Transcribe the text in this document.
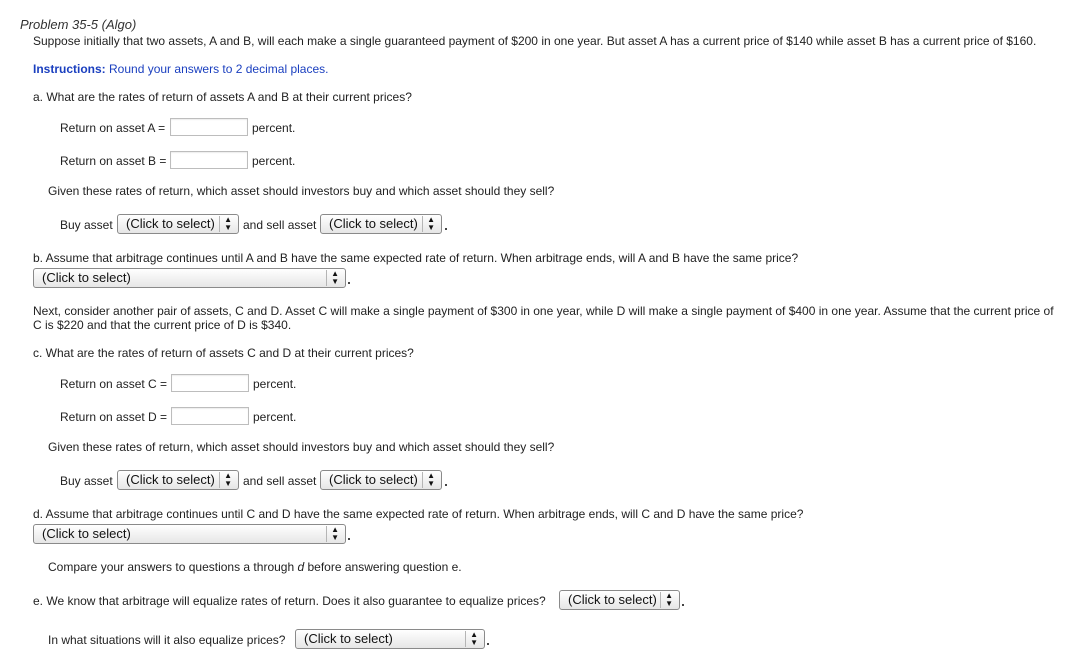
Problem 35-5 (Algo)
Suppose initially that two assets, A and B, will each make a single guaranteed payment of $200 in one year. But asset A has a current price of $140 while asset B has a current price of $160.
Instructions: Round your answers to 2 decimal places.
a. What are the rates of return of assets A and B at their current prices?
Return on asset A =	percent.
Return on asset B =	percent.
Given these rates of return, which asset should investors buy and which asset should they sell?
Buy asset	(Click to select) ▲
▼ and sell asset (Click to select) ▲
▼
b. Assume that arbitrage continues until A and B have the same expected rate of return. When arbitrage ends, will A and B have the same price?
(Click to select)	▲
▼
Next, consider another pair of assets, C and D. Asset C will make a single payment of $300 in one year, while D will make a single payment of $400 in one year. Assume that the current price of
C is $220 and that the current price of D is $340.
c. What are the rates of return of assets C and D at their current prices?
Return on asset C =	percent.
Return on asset D =	percent.
Given these rates of return, which asset should investors buy and which asset should they sell?
Buy asset	(Click to select) ▲
▼ and sell asset (Click to select) ▲
▼
d. Assume that arbitrage continues until C and D have the same expected rate of return. When arbitrage ends, will C and D have the same price?
(Click to select)	▲
▼
Compare your answers to questions a through d before answering question e.
e. We know that arbitrage will equalize rates of return. Does it also guarantee to equalize prices?	(Click to select) ▲
▼
In what situations will it also equalize prices?	(Click to select)	▲
▼
